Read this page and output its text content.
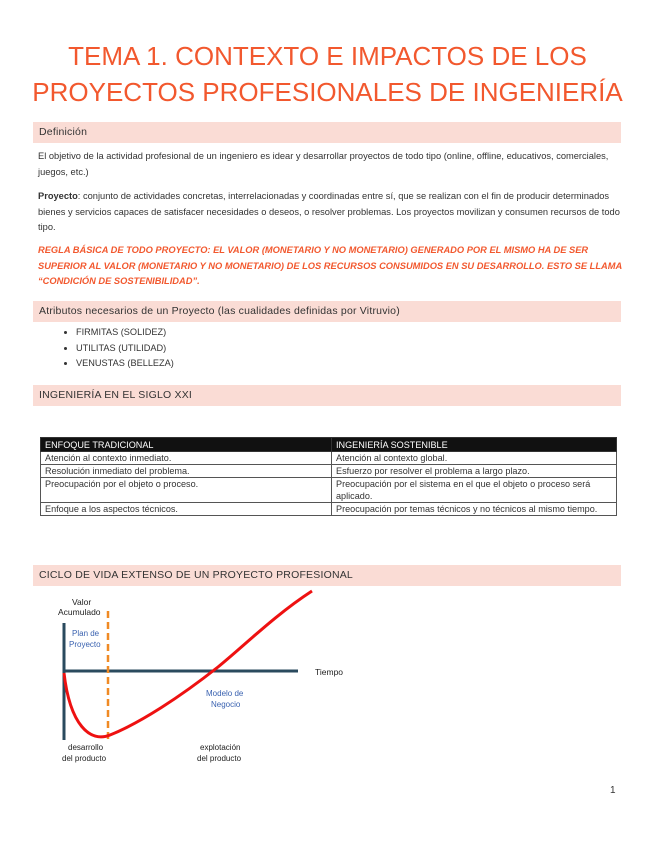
TEMA 1. CONTEXTO E IMPACTOS DE LOS
PROYECTOS PROFESIONALES DE INGENIERÍA
Definición
El objetivo de la actividad profesional de un ingeniero es idear y desarrollar proyectos de todo tipo (online, offline, educativos, comerciales, juegos, etc.)
Proyecto: conjunto de actividades concretas, interrelacionadas y coordinadas entre sí, que se realizan con el fin de producir determinados bienes y servicios capaces de satisfacer necesidades o deseos, o resolver problemas. Los proyectos movilizan y consumen recursos de todo tipo.
REGLA BÁSICA DE TODO PROYECTO: EL VALOR (MONETARIO Y NO MONETARIO) GENERADO POR EL MISMO HA DE SER SUPERIOR AL VALOR (MONETARIO Y NO MONETARIO) DE LOS RECURSOS CONSUMIDOS EN SU DESARROLLO. ESTO SE LLAMA “CONDICIÓN DE SOSTENIBILIDAD”.
Atributos necesarios de un Proyecto (las cualidades definidas por Vitruvio)
• FIRMITAS (SOLIDEZ)
• UTILITAS (UTILIDAD)
• VENUSTAS (BELLEZA)
INGENIERÍA EN EL SIGLO XXI
ENFOQUE TRADICIONAL	INGENIERÍA SOSTENIBLE
Atención al contexto inmediato.	Atención al contexto global.
Resolución inmediato del problema.	Esfuerzo por resolver el problema a largo plazo.
Preocupación por el objeto o proceso.	Preocupación por el sistema en el que el objeto o proceso será aplicado.
Enfoque a los aspectos técnicos.	Preocupación por temas técnicos y no técnicos al mismo tiempo.
CICLO DE VIDA EXTENSO DE UN PROYECTO PROFESIONAL
Valor
Acumulado
Tiempo
Plan de
Proyecto
Modelo de
Negocio
desarrollo
del producto
explotación
del producto
1
